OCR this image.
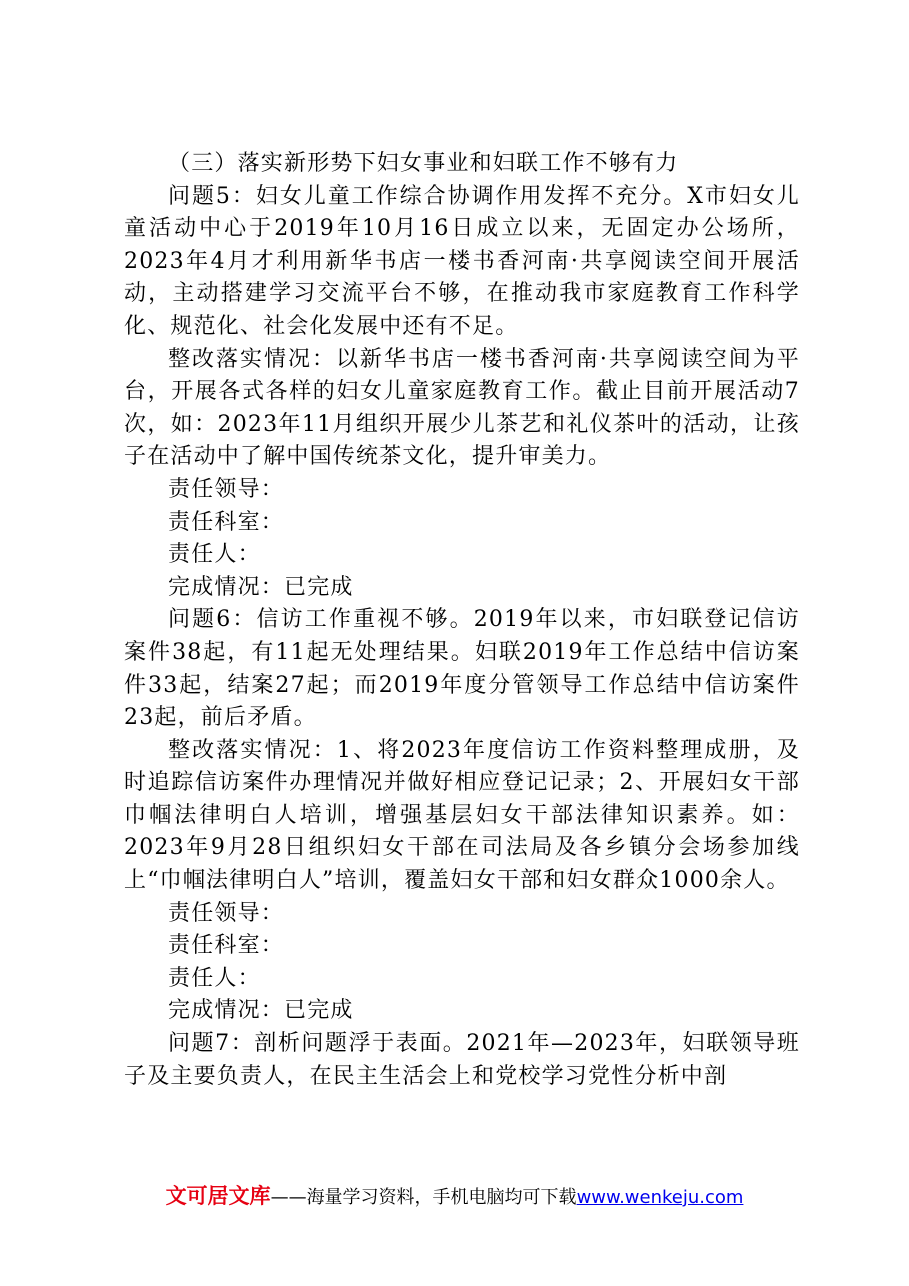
（三）落实新形势下妇女事业和妇联工作不够有力

问题5：妇女儿童工作综合协调作用发挥不充分。X市妇女儿童活动中心于2019年10月16日成立以来，无固定办公场所，2023年4月才利用新华书店一楼书香河南·共享阅读空间开展活动，主动搭建学习交流平台不够，在推动我市家庭教育工作科学化、规范化、社会化发展中还有不足。

整改落实情况：以新华书店一楼书香河南·共享阅读空间为平台，开展各式各样的妇女儿童家庭教育工作。截止目前开展活动7次，如：2023年11月组织开展少儿茶艺和礼仪茶叶的活动，让孩子在活动中了解中国传统茶文化，提升审美力。

责任领导：

责任科室：

责任人：

完成情况：已完成

问题6：信访工作重视不够。2019年以来，市妇联登记信访案件38起，有11起无处理结果。妇联2019年工作总结中信访案件33起，结案27起；而2019年度分管领导工作总结中信访案件23起，前后矛盾。

整改落实情况：1、将2023年度信访工作资料整理成册，及时追踪信访案件办理情况并做好相应登记记录；2、开展妇女干部巾帼法律明白人培训，增强基层妇女干部法律知识素养。如：2023年9月28日组织妇女干部在司法局及各乡镇分会场参加线上“巾帼法律明白人”培训，覆盖妇女干部和妇女群众1000余人。

责任领导：

责任科室：

责任人：

完成情况：已完成

问题7：剖析问题浮于表面。2021年—2023年，妇联领导班子及主要负责人，在民主生活会上和党校学习党性分析中剖

文可居文库——海量学习资料，手机电脑均可下载www.wenkeju.com
